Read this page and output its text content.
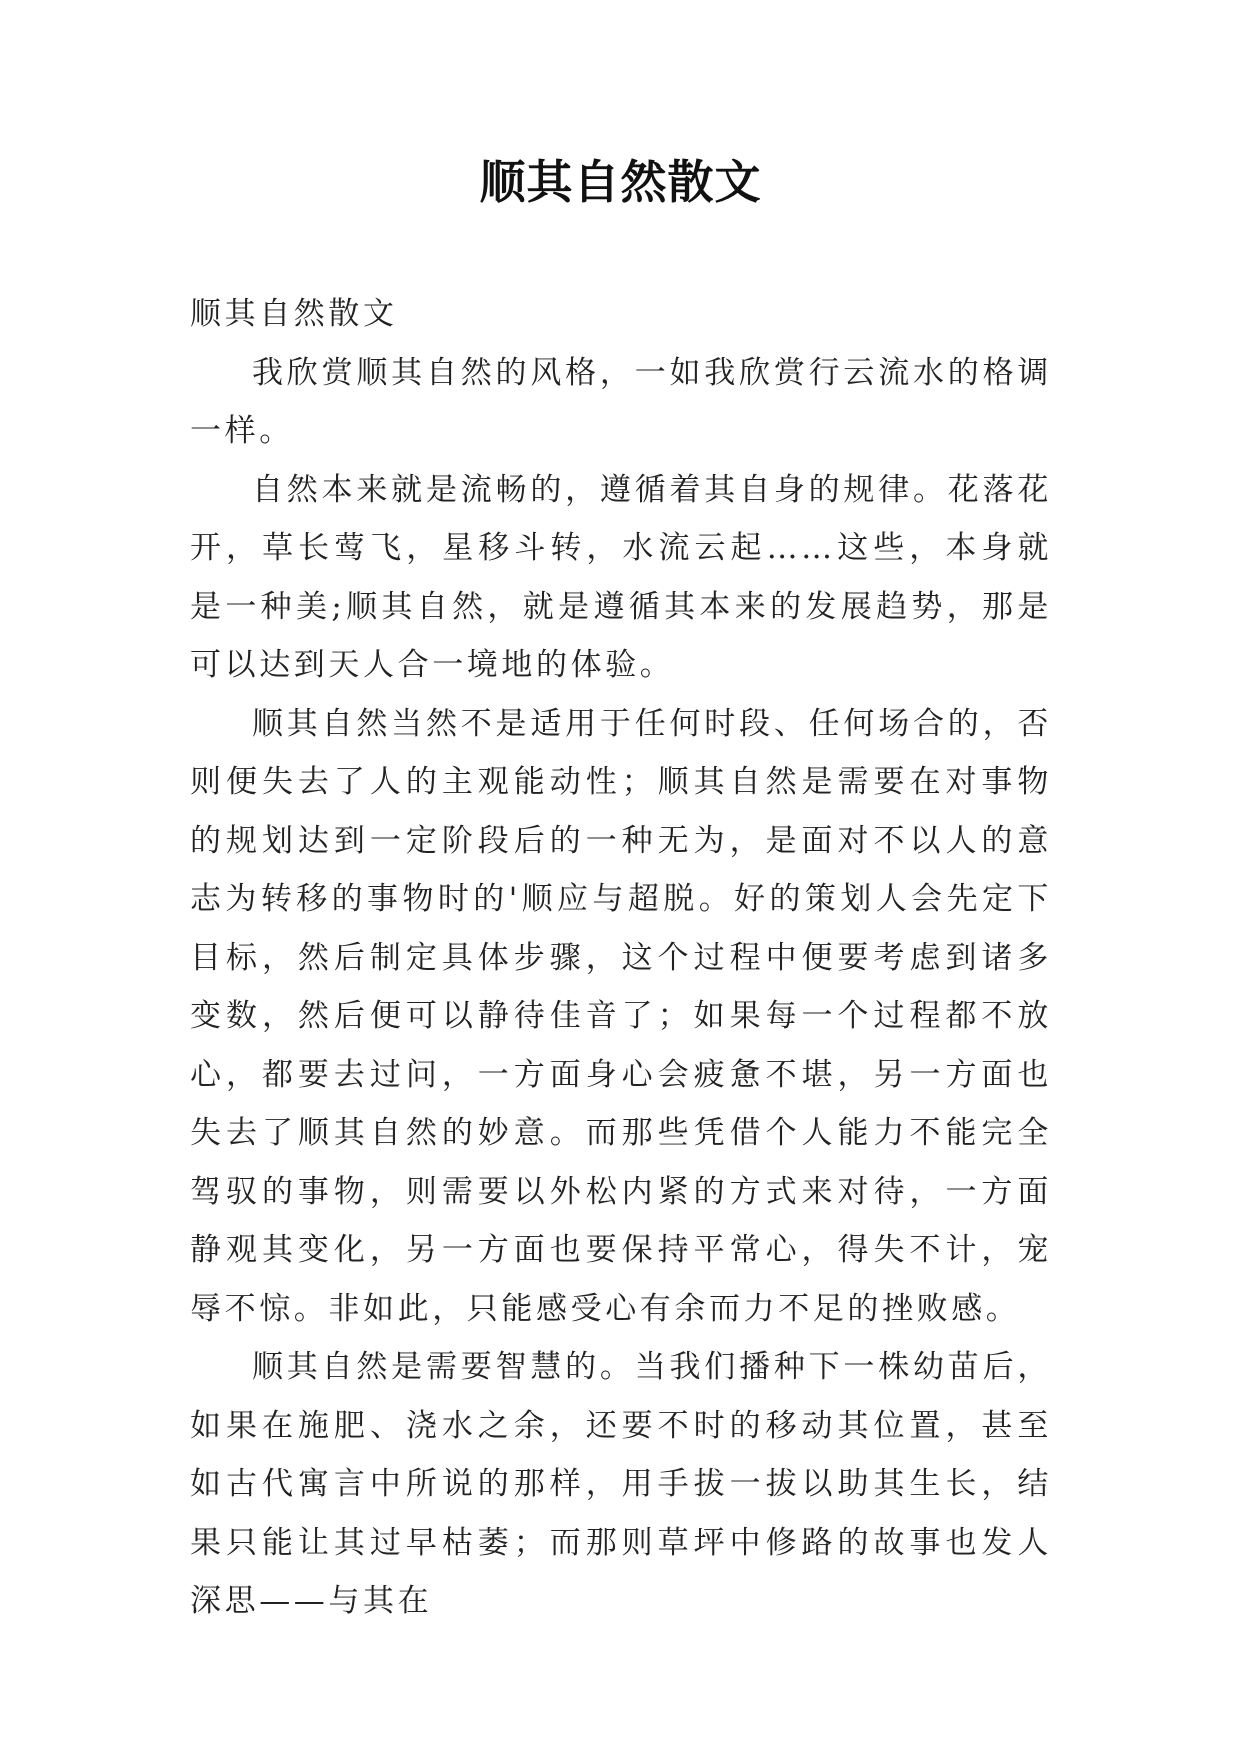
顺其自然散文

顺其自然散文

我欣赏顺其自然的风格，一如我欣赏行云流水的格调一样。

自然本来就是流畅的，遵循着其自身的规律。花落花开，草长莺飞，星移斗转，水流云起……这些，本身就是一种美;顺其自然，就是遵循其本来的发展趋势，那是可以达到天人合一境地的体验。

顺其自然当然不是适用于任何时段、任何场合的，否则便失去了人的主观能动性；顺其自然是需要在对事物的规划达到一定阶段后的一种无为，是面对不以人的意志为转移的事物时的'顺应与超脱。好的策划人会先定下目标，然后制定具体步骤，这个过程中便要考虑到诸多变数，然后便可以静待佳音了；如果每一个过程都不放心，都要去过问，一方面身心会疲惫不堪，另一方面也失去了顺其自然的妙意。而那些凭借个人能力不能完全驾驭的事物，则需要以外松内紧的方式来对待，一方面静观其变化，另一方面也要保持平常心，得失不计，宠辱不惊。非如此，只能感受心有余而力不足的挫败感。

顺其自然是需要智慧的。当我们播种下一株幼苗后，如果在施肥、浇水之余，还要不时的移动其位置，甚至如古代寓言中所说的那样，用手拔一拔以助其生长，结果只能让其过早枯萎；而那则草坪中修路的故事也发人深思——与其在
